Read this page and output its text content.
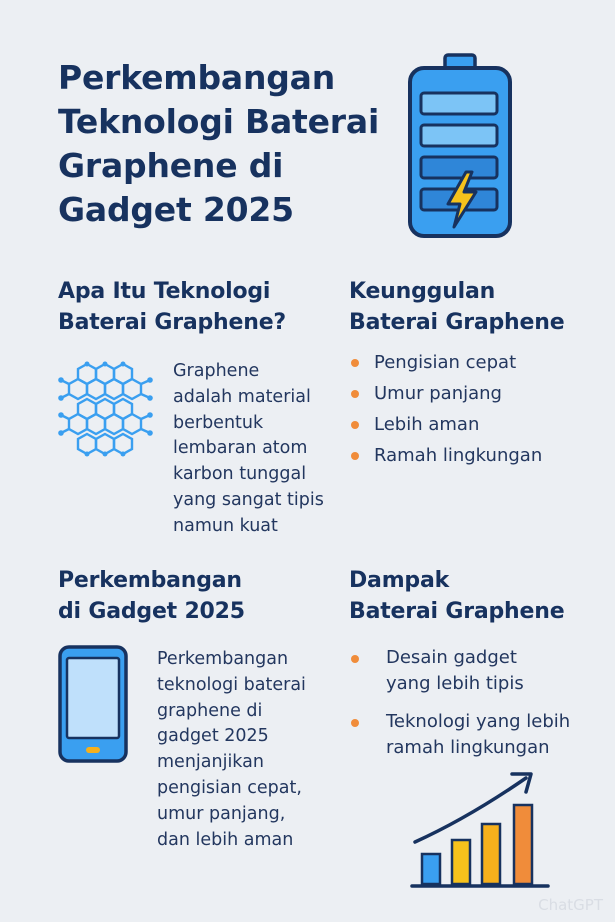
Perkembangan
Teknologi Baterai
Graphene di
Gadget 2025
Apa Itu Teknologi
Baterai Graphene?
Graphene
adalah material
berbentuk
lembaran atom
karbon tunggal
yang sangat tipis
namun kuat
Keunggulan
Baterai Graphene
Pengisian cepat
Umur panjang
Lebih aman
Ramah lingkungan
Perkembangan
di Gadget 2025
Perkembangan
teknologi baterai
graphene di
gadget 2025
menjanjikan
pengisian cepat,
umur panjang,
dan lebih aman
Dampak
Baterai Graphene
Desain gadget
yang lebih tipis
Teknologi yang lebih
ramah lingkungan
ChatGPT
